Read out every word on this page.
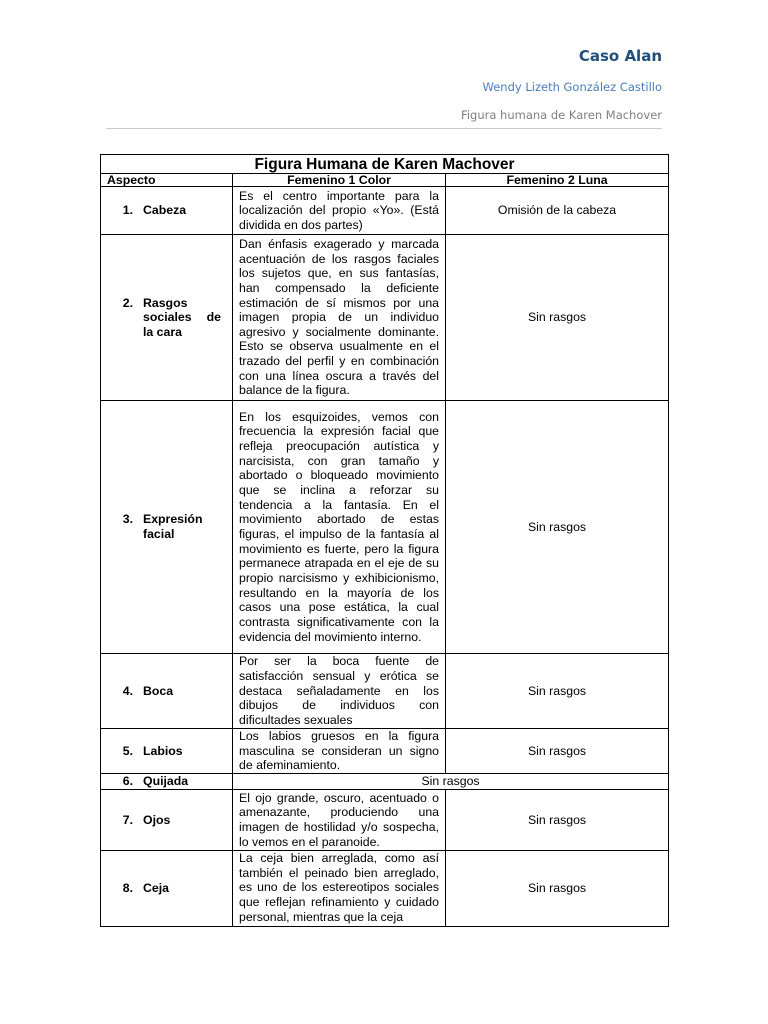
Caso Alan
Wendy Lizeth González Castillo
Figura humana de Karen Machover
Figura Humana de Karen Machover		
Aspecto	Femenino 1 Color	Femenino 2 Luna

1. Cabeza	Es el centro importante para la localización del propio «Yo». (Está dividida en dos partes)	Omisión de la cabeza

2. Rasgos sociales de la cara	Dan énfasis exagerado y marcada acentuación de los rasgos faciales los sujetos que, en sus fantasías, han compensado la deficiente estimación de sí mismos por una imagen propia de un individuo agresivo y socialmente dominante. Esto se observa usualmente en el trazado del perfil y en combinación con una línea oscura a través del balance de la figura.	Sin rasgos

3. Expresión facial	En los esquizoides, vemos con frecuencia la expresión facial que refleja preocupación autística y narcisista, con gran tamaño y abortado o bloqueado movimiento que se inclina a reforzar su tendencia a la fantasía. En el movimiento abortado de estas figuras, el impulso de la fantasía al movimiento es fuerte, pero la figura permanece atrapada en el eje de su propio narcisismo y exhibicionismo, resultando en la mayoría de los casos una pose estática, la cual contrasta significativamente con la evidencia del movimiento interno.	Sin rasgos

4. Boca	Por ser la boca fuente de satisfacción sensual y erótica se destaca señaladamente en los dibujos de individuos con dificultades sexuales	Sin rasgos

5. Labios	Los labios gruesos en la figura masculina se consideran un signo de afeminamiento.	Sin rasgos

6. Quijada	Sin rasgos	

7. Ojos	El ojo grande, oscuro, acentuado o amenazante, produciendo una imagen de hostilidad y/o sospecha, lo vemos en el paranoide.	Sin rasgos

8. Ceja	La ceja bien arreglada, como así también el peinado bien arreglado, es uno de los estereotipos sociales que reflejan refinamiento y cuidado personal, mientras que la ceja	Sin rasgos
